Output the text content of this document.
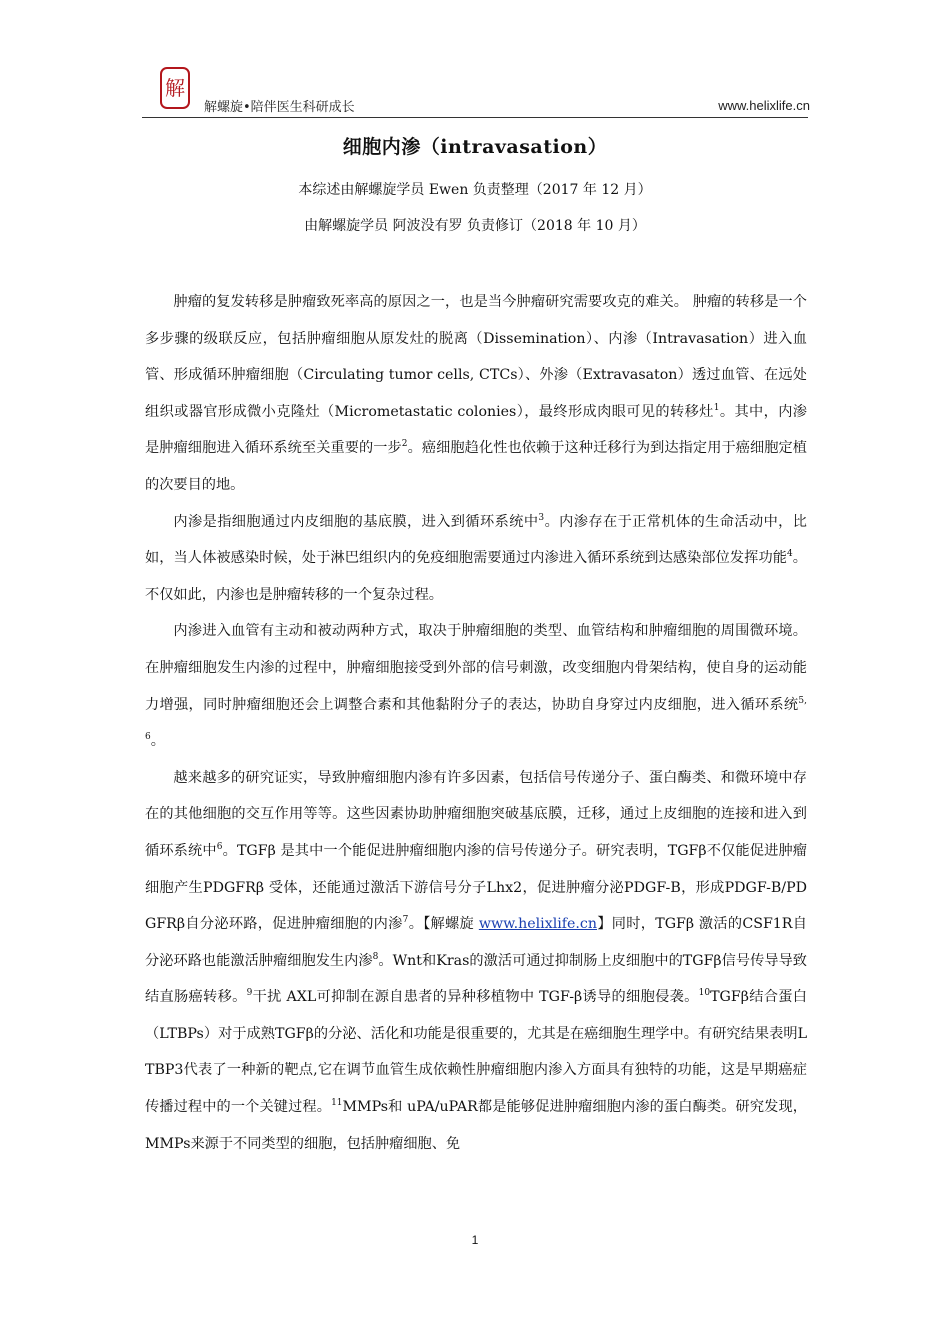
解
解螺旋•陪伴医生科研成长	www.helixlife.cn
细胞内渗（intravasation）
本综述由解螺旋学员 Ewen 负责整理（2017 年 12 月）
由解螺旋学员 阿波没有罗 负责修订（2018 年 10 月）

肿瘤的复发转移是肿瘤致死率高的原因之一，也是当今肿瘤研究需要攻克的难关。 肿瘤的转移是一个多步骤的级联反应，包括肿瘤细胞从原发灶的脱离（Dissemination）、内渗（Intravasation）进入血管、形成循环肿瘤细胞（Circulating tumor cells, CTCs）、外渗（Extravasaton）透过血管、在远处组织或器官形成微小克隆灶（Micrometastatic colonies），最终形成肉眼可见的转移灶$^1$。其中，内渗是肿瘤细胞进入循环系统至关重要的一步$^2$。癌细胞趋化性也依赖于这种迁移行为到达指定用于癌细胞定植的次要目的地。

内渗是指细胞通过内皮细胞的基底膜，进入到循环系统中$^3$。内渗存在于正常机体的生命活动中，比如，当人体被感染时候，处于淋巴组织内的免疫细胞需要通过内渗进入循环系统到达感染部位发挥功能$^4$。不仅如此，内渗也是肿瘤转移的一个复杂过程。

内渗进入血管有主动和被动两种方式，取决于肿瘤细胞的类型、血管结构和肿瘤细胞的周围微环境。在肿瘤细胞发生内渗的过程中，肿瘤细胞接受到外部的信号刺激，改变细胞内骨架结构，使自身的运动能力增强，同时肿瘤细胞还会上调整合素和其他黏附分子的表达，协助自身穿过内皮细胞，进入循环系统$^{5,6}$。

越来越多的研究证实，导致肿瘤细胞内渗有许多因素，包括信号传递分子、蛋白酶类、和微环境中存在的其他细胞的交互作用等等。这些因素协助肿瘤细胞突破基底膜，迁移，通过上皮细胞的连接和进入到循环系统中$^6$。TGFβ 是其中一个能促进肿瘤细胞内渗的信号传递分子。研究表明，TGFβ不仅能促进肿瘤细胞产生PDGFRβ 受体，还能通过激活下游信号分子Lhx2，促进肿瘤分泌PDGF-B，形成PDGF-B/PDGFRβ自分泌环路，促进肿瘤细胞的内渗$^7$。【解螺旋 www.helixlife.cn】同时，TGFβ 激活的CSF1R自分泌环路也能激活肿瘤细胞发生内渗$^8$。Wnt和Kras的激活可通过抑制肠上皮细胞中的TGFβ信号传导导致结直肠癌转移。$^9$干扰 AXL可抑制在源自患者的异种移植物中 TGF-β诱导的细胞侵袭。$^{10}$TGFβ结合蛋白（LTBPs）对于成熟TGFβ的分泌、活化和功能是很重要的，尤其是在癌细胞生理学中。有研究结果表明LTBP3代表了一种新的靶点,它在调节血管生成依赖性肿瘤细胞内渗入方面具有独特的功能，这是早期癌症传播过程中的一个关键过程。$^{11}$MMPs和 uPA/uPAR都是能够促进肿瘤细胞内渗的蛋白酶类。研究发现，MMPs来源于不同类型的细胞，包括肿瘤细胞、免

1
